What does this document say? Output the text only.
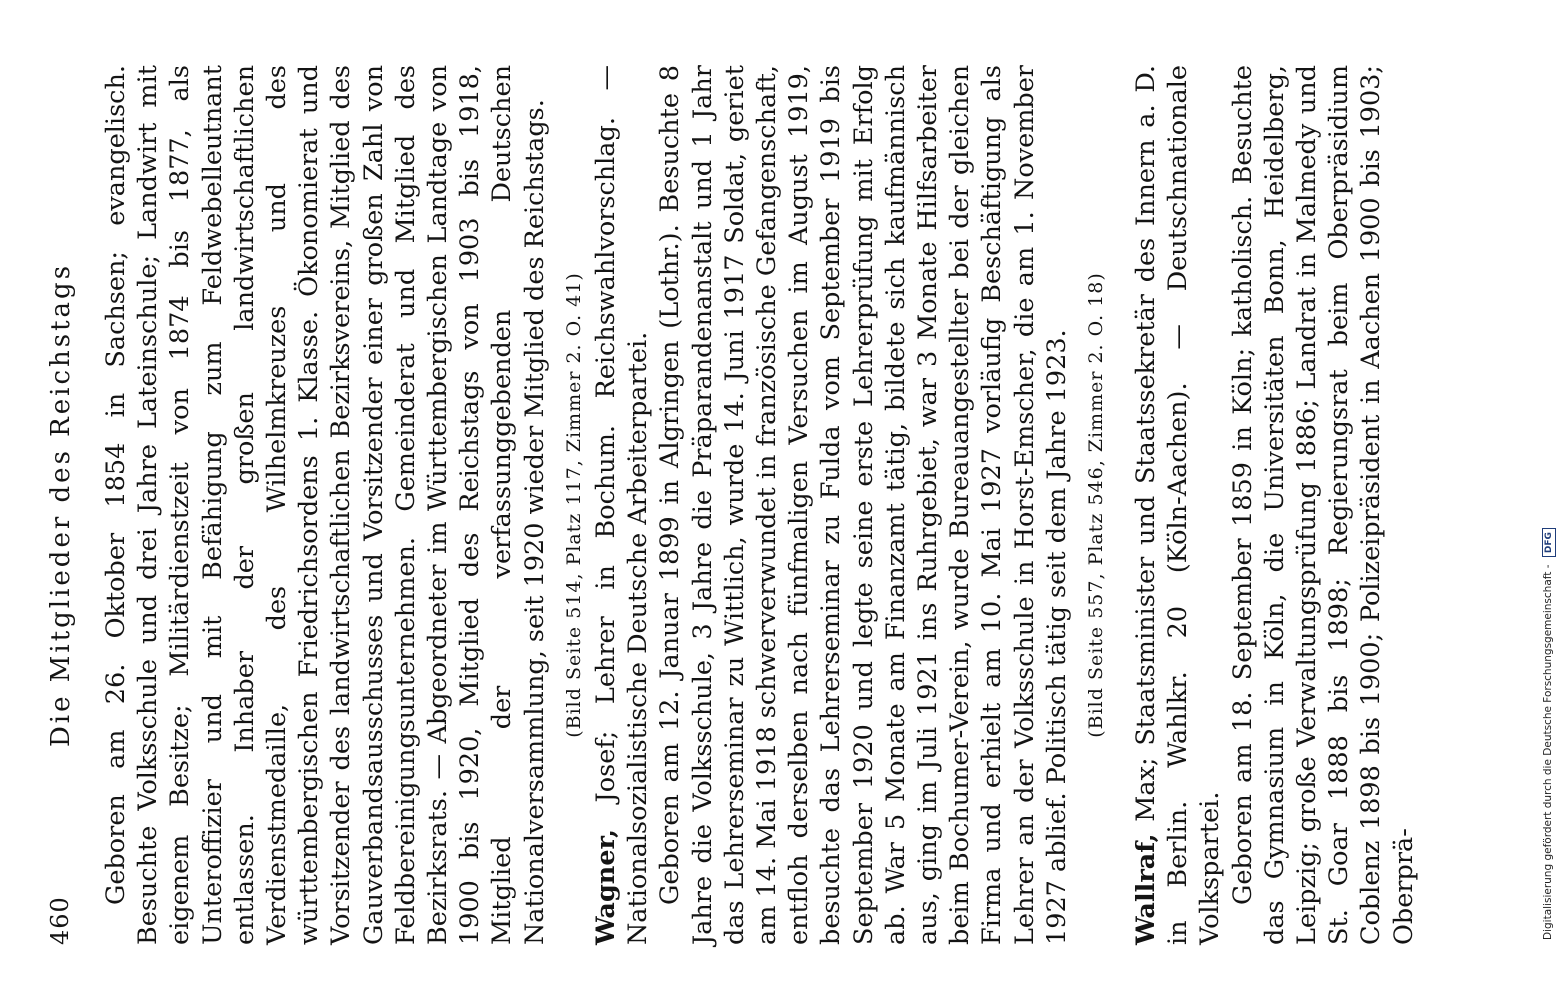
460
Die Mitglieder des Reichstags Geboren am 26. Oktober 1854 in Sachsen; evangelisch. Besuchte Volksschule und drei Jahre Lateinschule; Landwirt mit eigenem Besitze; Militärdienstzeit von 1874 bis 1877, als Unteroffizier und mit Befähigung zum Feldwebelleutnant entlassen. Inhaber der großen landwirtschaftlichen Verdienstmedaille, des Wilhelmkreuzes und des württembergischen Friedrichsordens 1. Klasse. Ökonomierat und Vorsitzender des landwirtschaftlichen Bezirksvereins, Mitglied des Gauverbandsausschusses und Vorsitzender einer großen Zahl von Feldbereinigungsunternehmen. Gemeinderat und Mitglied des Bezirksrats. — Abgeordneter im Württembergischen Landtage von 1900 bis 1920, Mitglied des Reichstags von 1903 bis 1918, Mitglied der verfassunggebenden Deutschen Nationalversammlung, seit 1920 wieder Mitglied des Reichstags. (Bild Seite 514, Platz 117, Zimmer 2. O. 41)

Wagner, Josef; Lehrer in Bochum. Reichswahlvorschlag. — Nationalsozialistische Deutsche Arbeiterpartei. Geboren am 12. Januar 1899 in Algringen (Lothr.). Besuchte 8 Jahre die Volksschule, 3 Jahre die Präparandenanstalt und 1 Jahr das Lehrerseminar zu Wittlich, wurde 14. Juni 1917 Soldat, geriet am 14. Mai 1918 schwerverwundet in französische Gefangenschaft, entfloh derselben nach fünfmaligen Versuchen im August 1919, besuchte das Lehrerseminar zu Fulda vom September 1919 bis September 1920 und legte seine erste Lehrerprüfung mit Erfolg ab. War 5 Monate am Finanzamt tätig, bildete sich kaufmännisch aus, ging im Juli 1921 ins Ruhrgebiet, war 3 Monate Hilfsarbeiter beim Bochumer-Verein, wurde Bureauangestellter bei der gleichen Firma und erhielt am 10. Mai 1927 vorläufig Beschäftigung als Lehrer an der Volksschule in Horst-Emscher, die am 1. November 1927 ablief. Politisch tätig seit dem Jahre 1923. (Bild Seite 557, Platz 546, Zimmer 2. O. 18)

Wallraf, Max; Staatsminister und Staatssekretär des Innern a. D. in Berlin. Wahlkr. 20 (Köln-Aachen). — Deutschnationale Volkspartei. Geboren am 18. September 1859 in Köln; katholisch. Besuchte das Gymnasium in Köln, die Universitäten Bonn, Heidelberg, Leipzig; große Verwaltungsprüfung 1886; Landrat in Malmedy und St. Goar 1888 bis 1898; Regierungsrat beim Oberpräsidium Coblenz 1898 bis 1900; Polizeipräsident in Aachen 1900 bis 1903; Oberprä-	Digitalisierung gefördert durch die Deutsche Forschungsgemeinschaft - DFG
